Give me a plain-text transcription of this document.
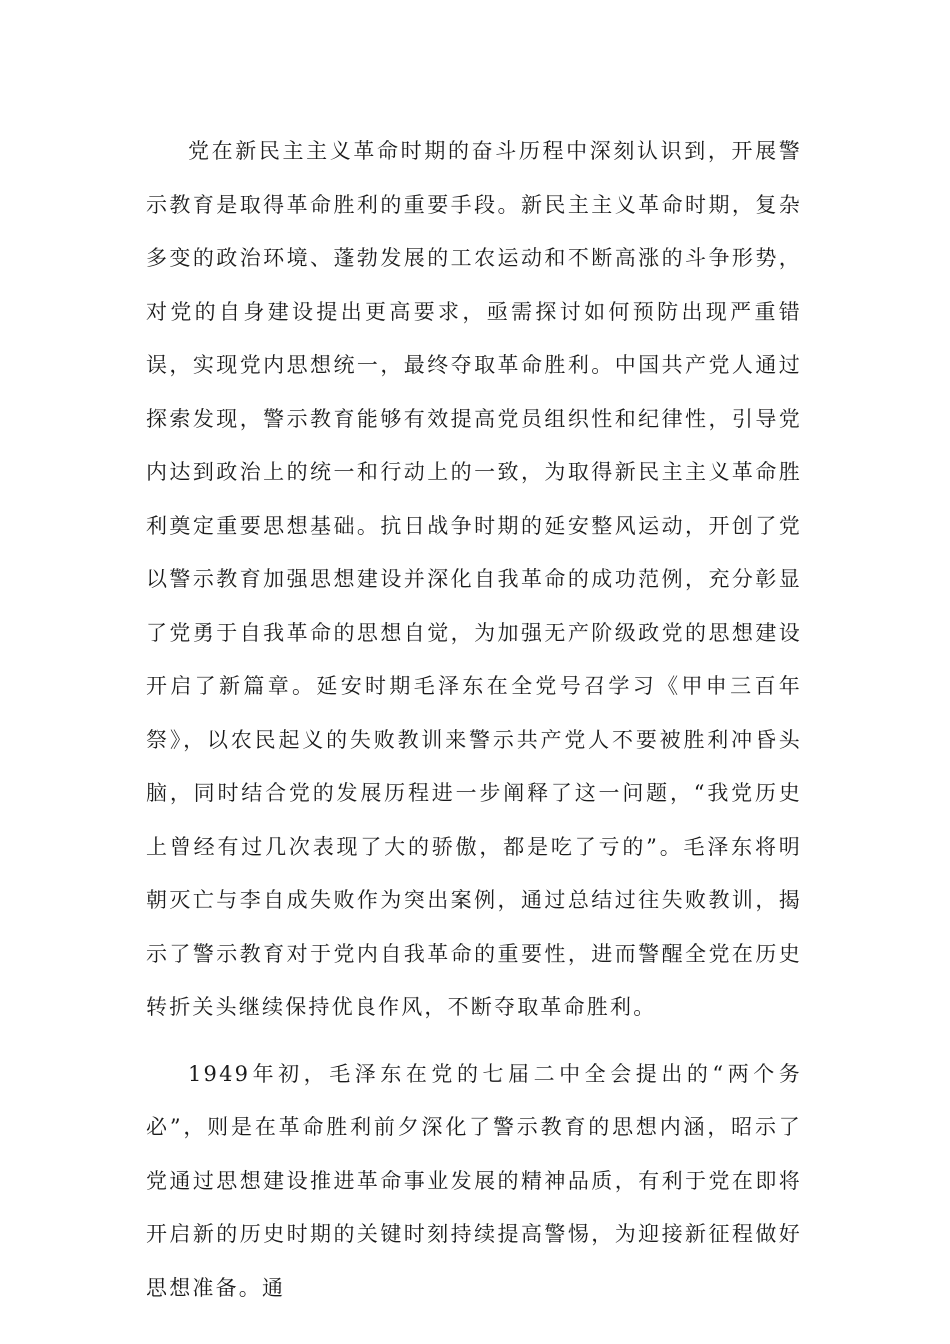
党在新民主主义革命时期的奋斗历程中深刻认识到，开展警示教育是取得革命胜利的重要手段。新民主主义革命时期，复杂多变的政治环境、蓬勃发展的工农运动和不断高涨的斗争形势，对党的自身建设提出更高要求，亟需探讨如何预防出现严重错误，实现党内思想统一，最终夺取革命胜利。中国共产党人通过探索发现，警示教育能够有效提高党员组织性和纪律性，引导党内达到政治上的统一和行动上的一致，为取得新民主主义革命胜利奠定重要思想基础。抗日战争时期的延安整风运动，开创了党以警示教育加强思想建设并深化自我革命的成功范例，充分彰显了党勇于自我革命的思想自觉，为加强无产阶级政党的思想建设开启了新篇章。延安时期毛泽东在全党号召学习《甲申三百年祭》，以农民起义的失败教训来警示共产党人不要被胜利冲昏头脑，同时结合党的发展历程进一步阐释了这一问题，“我党历史上曾经有过几次表现了大的骄傲，都是吃了亏的”。毛泽东将明朝灭亡与李自成失败作为突出案例，通过总结过往失败教训，揭示了警示教育对于党内自我革命的重要性，进而警醒全党在历史转折关头继续保持优良作风，不断夺取革命胜利。

1949年初，毛泽东在党的七届二中全会提出的“两个务必”，则是在革命胜利前夕深化了警示教育的思想内涵，昭示了党通过思想建设推进革命事业发展的精神品质，有利于党在即将开启新的历史时期的关键时刻持续提高警惕，为迎接新征程做好思想准备。通
